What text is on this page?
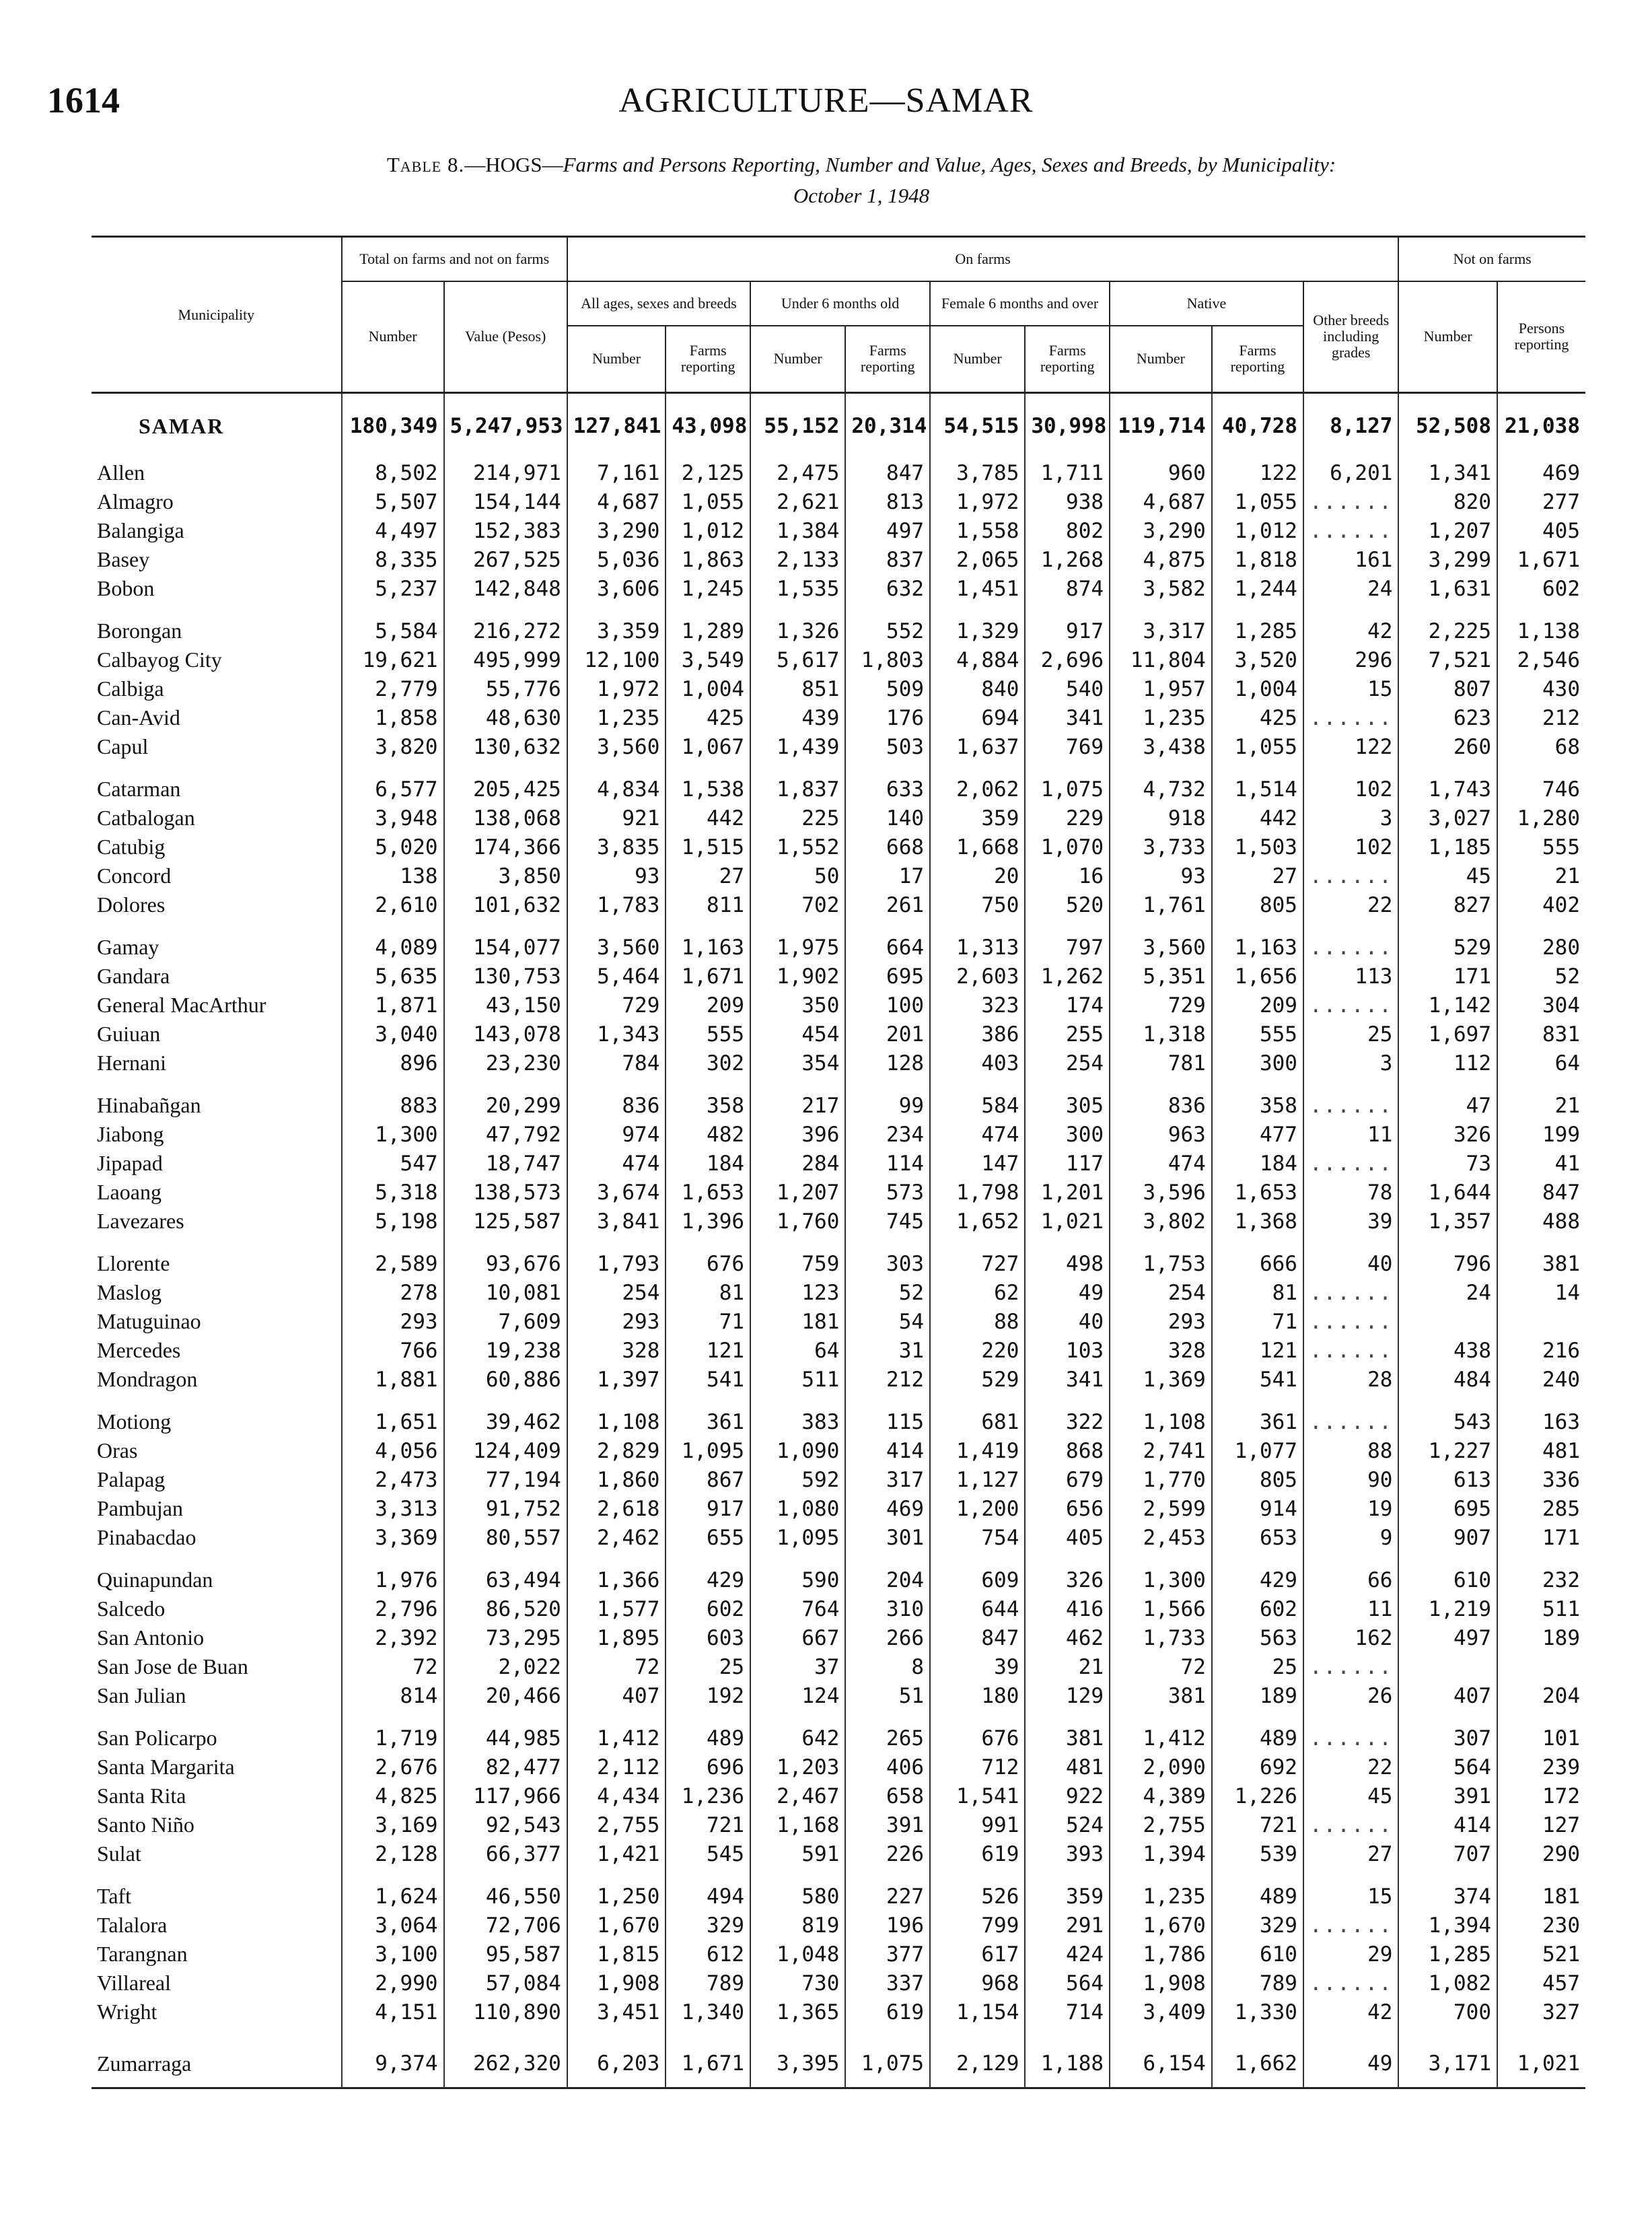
1614	AGRICULTURE—SAMAR
Table 8.—HOGS—Farms and Persons Reporting, Number and Value, Ages, Sexes and Breeds, by Municipality:
October 1, 1948
Municipality	Total on farms and not on farms		On farms									Not on farms	
	Number	Value (Pesos)	All ages, sexes and breeds		Under 6 months old		Female 6 months and over		Native		Other breeds including grades	Number	Persons reporting
			Number	Farms reporting	Number	Farms reporting	Number	Farms reporting	Number	Farms reporting			
SAMAR	180,349	5,247,953	127,841	43,098	55,152	20,314	54,515	30,998	119,714	40,728	8,127	52,508	21,038
Allen	8,502	214,971	7,161	2,125	2,475	847	3,785	1,711	960	122	6,201	1,341	469
Almagro	5,507	154,144	4,687	1,055	2,621	813	1,972	938	4,687	1,055	......	820	277
Balangiga	4,497	152,383	3,290	1,012	1,384	497	1,558	802	3,290	1,012	......	1,207	405
Basey	8,335	267,525	5,036	1,863	2,133	837	2,065	1,268	4,875	1,818	161	3,299	1,671
Bobon	5,237	142,848	3,606	1,245	1,535	632	1,451	874	3,582	1,244	24	1,631	602
Borongan	5,584	216,272	3,359	1,289	1,326	552	1,329	917	3,317	1,285	42	2,225	1,138
Calbayog City	19,621	495,999	12,100	3,549	5,617	1,803	4,884	2,696	11,804	3,520	296	7,521	2,546
Calbiga	2,779	55,776	1,972	1,004	851	509	840	540	1,957	1,004	15	807	430
Can-Avid	1,858	48,630	1,235	425	439	176	694	341	1,235	425	......	623	212
Capul	3,820	130,632	3,560	1,067	1,439	503	1,637	769	3,438	1,055	122	260	68
Catarman	6,577	205,425	4,834	1,538	1,837	633	2,062	1,075	4,732	1,514	102	1,743	746
Catbalogan	3,948	138,068	921	442	225	140	359	229	918	442	3	3,027	1,280
Catubig	5,020	174,366	3,835	1,515	1,552	668	1,668	1,070	3,733	1,503	102	1,185	555
Concord	138	3,850	93	27	50	17	20	16	93	27	......	45	21
Dolores	2,610	101,632	1,783	811	702	261	750	520	1,761	805	22	827	402
Gamay	4,089	154,077	3,560	1,163	1,975	664	1,313	797	3,560	1,163	......	529	280
Gandara	5,635	130,753	5,464	1,671	1,902	695	2,603	1,262	5,351	1,656	113	171	52
General MacArthur	1,871	43,150	729	209	350	100	323	174	729	209	......	1,142	304
Guiuan	3,040	143,078	1,343	555	454	201	386	255	1,318	555	25	1,697	831
Hernani	896	23,230	784	302	354	128	403	254	781	300	3	112	64
Hinabañgan	883	20,299	836	358	217	99	584	305	836	358	......	47	21
Jiabong	1,300	47,792	974	482	396	234	474	300	963	477	11	326	199
Jipapad	547	18,747	474	184	284	114	147	117	474	184	......	73	41
Laoang	5,318	138,573	3,674	1,653	1,207	573	1,798	1,201	3,596	1,653	78	1,644	847
Lavezares	5,198	125,587	3,841	1,396	1,760	745	1,652	1,021	3,802	1,368	39	1,357	488
Llorente	2,589	93,676	1,793	676	759	303	727	498	1,753	666	40	796	381
Maslog	278	10,081	254	81	123	52	62	49	254	81	......	24	14
Matuguinao	293	7,609	293	71	181	54	88	40	293	71	......		
Mercedes	766	19,238	328	121	64	31	220	103	328	121	......	438	216
Mondragon	1,881	60,886	1,397	541	511	212	529	341	1,369	541	28	484	240
Motiong	1,651	39,462	1,108	361	383	115	681	322	1,108	361	......	543	163
Oras	4,056	124,409	2,829	1,095	1,090	414	1,419	868	2,741	1,077	88	1,227	481
Palapag	2,473	77,194	1,860	867	592	317	1,127	679	1,770	805	90	613	336
Pambujan	3,313	91,752	2,618	917	1,080	469	1,200	656	2,599	914	19	695	285
Pinabacdao	3,369	80,557	2,462	655	1,095	301	754	405	2,453	653	9	907	171
Quinapundan	1,976	63,494	1,366	429	590	204	609	326	1,300	429	66	610	232
Salcedo	2,796	86,520	1,577	602	764	310	644	416	1,566	602	11	1,219	511
San Antonio	2,392	73,295	1,895	603	667	266	847	462	1,733	563	162	497	189
San Jose de Buan	72	2,022	72	25	37	8	39	21	72	25	......		
San Julian	814	20,466	407	192	124	51	180	129	381	189	26	407	204
San Policarpo	1,719	44,985	1,412	489	642	265	676	381	1,412	489	......	307	101
Santa Margarita	2,676	82,477	2,112	696	1,203	406	712	481	2,090	692	22	564	239
Santa Rita	4,825	117,966	4,434	1,236	2,467	658	1,541	922	4,389	1,226	45	391	172
Santo Niño	3,169	92,543	2,755	721	1,168	391	991	524	2,755	721	......	414	127
Sulat	2,128	66,377	1,421	545	591	226	619	393	1,394	539	27	707	290
Taft	1,624	46,550	1,250	494	580	227	526	359	1,235	489	15	374	181
Talalora	3,064	72,706	1,670	329	819	196	799	291	1,670	329	......	1,394	230
Tarangnan	3,100	95,587	1,815	612	1,048	377	617	424	1,786	610	29	1,285	521
Villareal	2,990	57,084	1,908	789	730	337	968	564	1,908	789	......	1,082	457
Wright	4,151	110,890	3,451	1,340	1,365	619	1,154	714	3,409	1,330	42	700	327
Zumarraga	9,374	262,320	6,203	1,671	3,395	1,075	2,129	1,188	6,154	1,662	49	3,171	1,021
